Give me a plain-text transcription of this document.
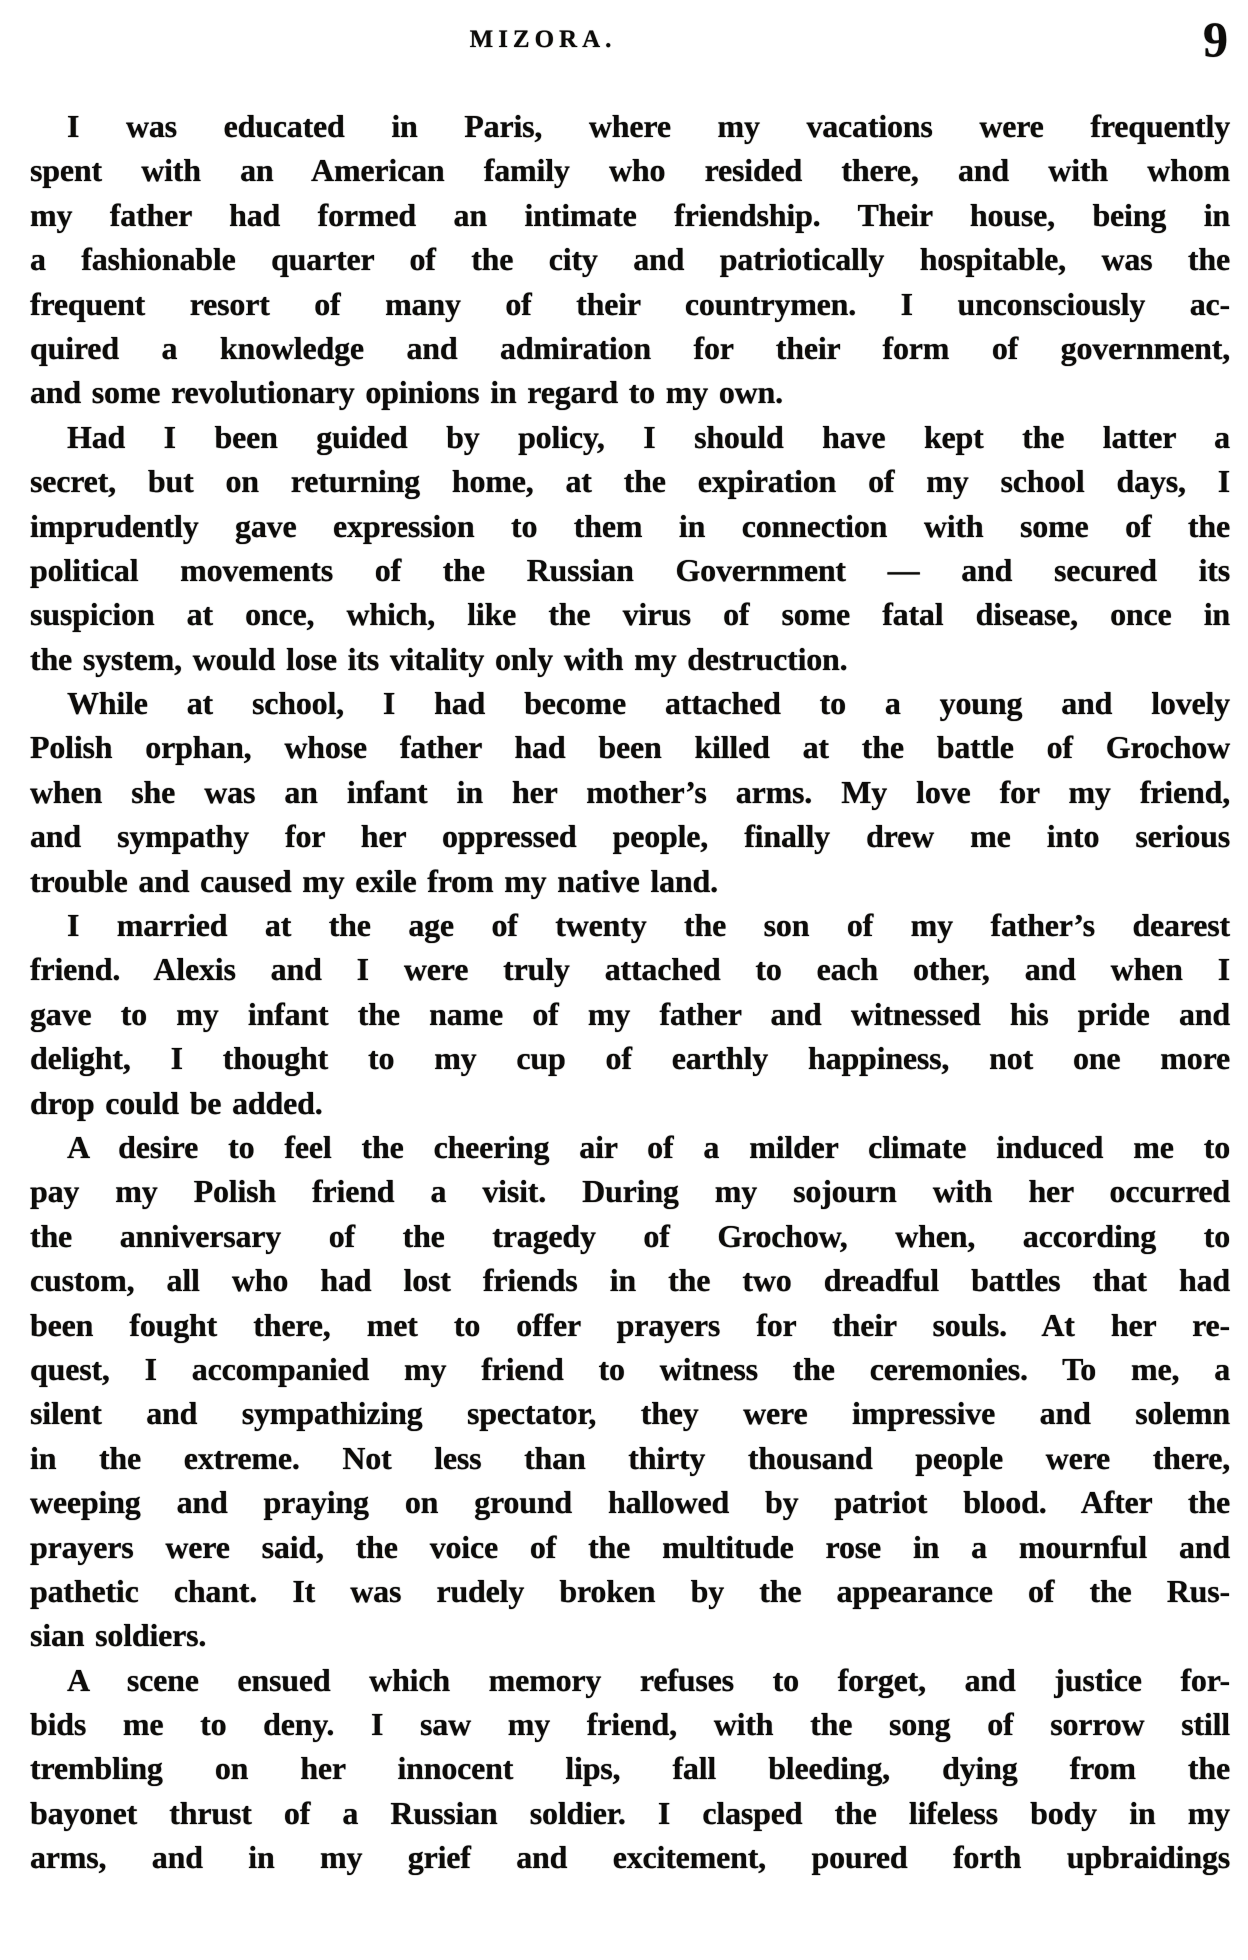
MIZORA.	9
I was educated in Paris, where my vacations were frequently
spent with an American family who resided there, and with whom
my father had formed an intimate friendship. Their house, being in
a fashionable quarter of the city and patriotically hospitable, was the
frequent resort of many of their countrymen. I unconsciously ac-
quired a knowledge and admiration for their form of government,
and some revolutionary opinions in regard to my own.
Had I been guided by policy, I should have kept the latter a
secret, but on returning home, at the expiration of my school days, I
imprudently gave expression to them in connection with some of the
political movements of the Russian Government — and secured its
suspicion at once, which, like the virus of some fatal disease, once in
the system, would lose its vitality only with my destruction.
While at school, I had become attached to a young and lovely
Polish orphan, whose father had been killed at the battle of Grochow
when she was an infant in her mother’s arms. My love for my friend,
and sympathy for her oppressed people, finally drew me into serious
trouble and caused my exile from my native land.
I married at the age of twenty the son of my father’s dearest
friend. Alexis and I were truly attached to each other, and when I
gave to my infant the name of my father and witnessed his pride and
delight, I thought to my cup of earthly happiness, not one more
drop could be added.
A desire to feel the cheering air of a milder climate induced me to
pay my Polish friend a visit. During my sojourn with her occurred
the anniversary of the tragedy of Grochow, when, according to
custom, all who had lost friends in the two dreadful battles that had
been fought there, met to offer prayers for their souls. At her re-
quest, I accompanied my friend to witness the ceremonies. To me, a
silent and sympathizing spectator, they were impressive and solemn
in the extreme. Not less than thirty thousand people were there,
weeping and praying on ground hallowed by patriot blood. After the
prayers were said, the voice of the multitude rose in a mournful and
pathetic chant. It was rudely broken by the appearance of the Rus-
sian soldiers.
A scene ensued which memory refuses to forget, and justice for-
bids me to deny. I saw my friend, with the song of sorrow still
trembling on her innocent lips, fall bleeding, dying from the
bayonet thrust of a Russian soldier. I clasped the lifeless body in my
arms, and in my grief and excitement, poured forth upbraidings
